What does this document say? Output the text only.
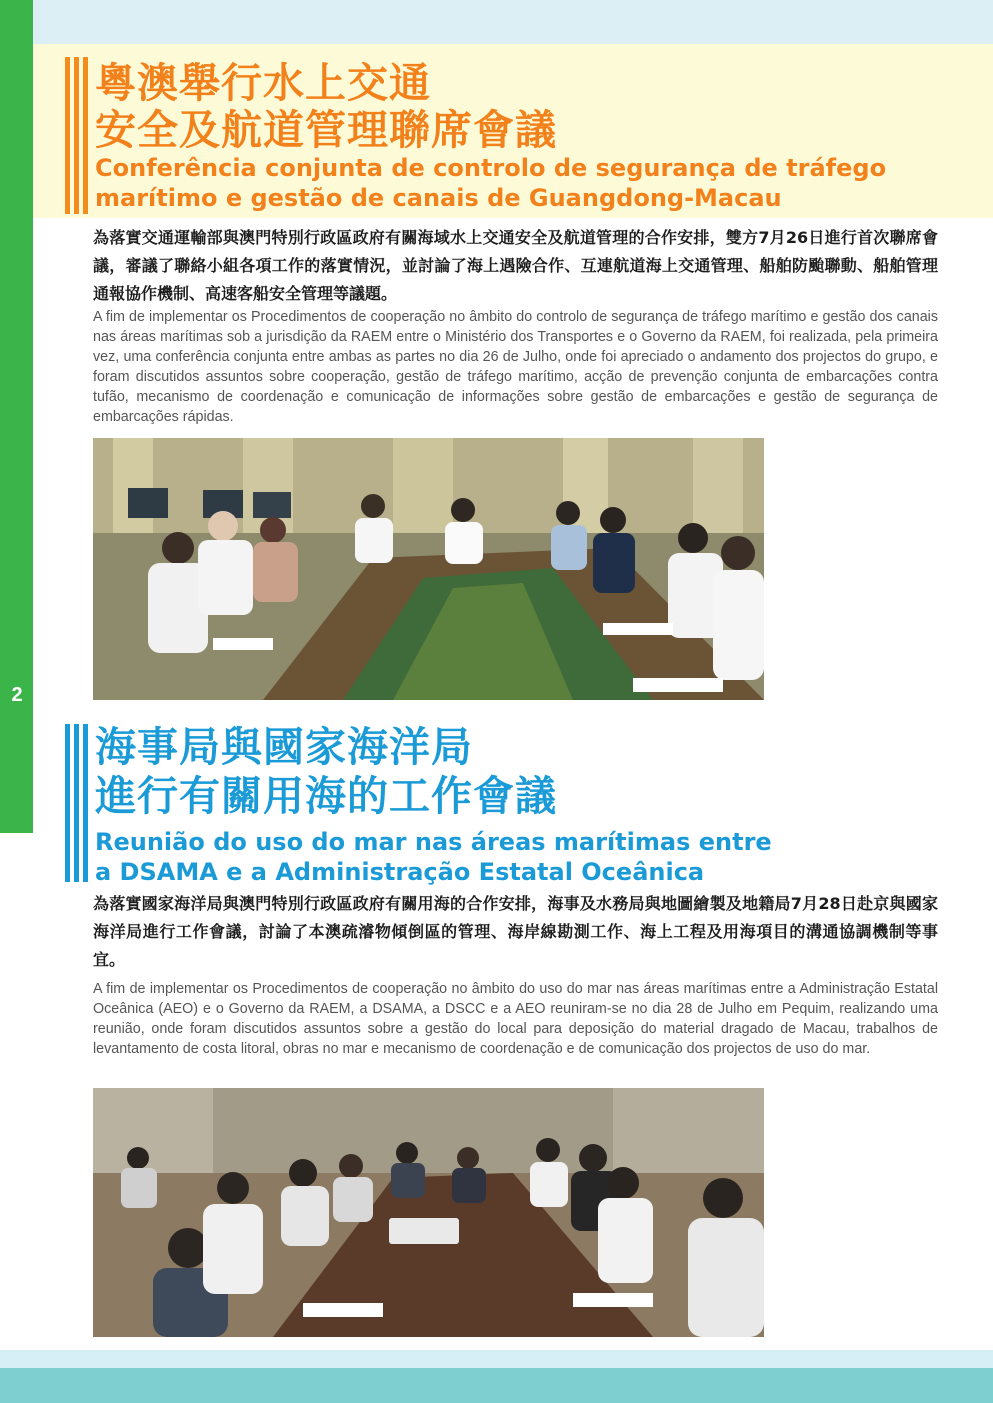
2
粵澳舉行水上交通
安全及航道管理聯席會議
Conferência conjunta de controlo de segurança de tráfego
marítimo e gestão de canais de Guangdong-Macau

為落實交通運輸部與澳門特別行政區政府有關海域水上交通安全及航道管理的合作安排，雙方7月26日進行首次聯席會議，審議了聯絡小組各項工作的落實情況，並討論了海上遇險合作、互連航道海上交通管理、船舶防颱聯動、船舶管理通報協作機制、高速客船安全管理等議題。

A fim de implementar os Procedimentos de cooperação no âmbito do controlo de segurança de tráfego marítimo e gestão dos canais nas áreas marítimas sob a jurisdição da RAEM entre o Ministério dos Transportes e o Governo da RAEM, foi realizada, pela primeira vez, uma conferência conjunta entre ambas as partes no dia 26 de Julho, onde foi apreciado o andamento dos projectos do grupo, e foram discutidos assuntos sobre cooperação, gestão de tráfego marítimo, acção de prevenção conjunta de embarcações contra tufão, mecanismo de coordenação e comunicação de informações sobre gestão de embarcações e gestão de segurança de embarcações rápidas.

海事局與國家海洋局
進行有關用海的工作會議
Reunião do uso do mar nas áreas marítimas entre
a DSAMA e a Administração Estatal Oceânica

為落實國家海洋局與澳門特別行政區政府有關用海的合作安排，海事及水務局與地圖繪製及地籍局7月28日赴京與國家海洋局進行工作會議，討論了本澳疏濬物傾倒區的管理、海岸線勘測工作、海上工程及用海項目的溝通協調機制等事宜。

A fim de implementar os Procedimentos de cooperação no âmbito do uso do mar nas áreas marítimas entre a Administração Estatal Oceânica (AEO) e o Governo da RAEM, a DSAMA, a DSCC e a AEO reuniram-se no dia 28 de Julho em Pequim, realizando uma reunião, onde foram discutidos assuntos sobre a gestão do local para deposição do material dragado de Macau, trabalhos de levantamento de costa litoral, obras no mar e mecanismo de coordenação e de comunicação dos projectos de uso do mar.
